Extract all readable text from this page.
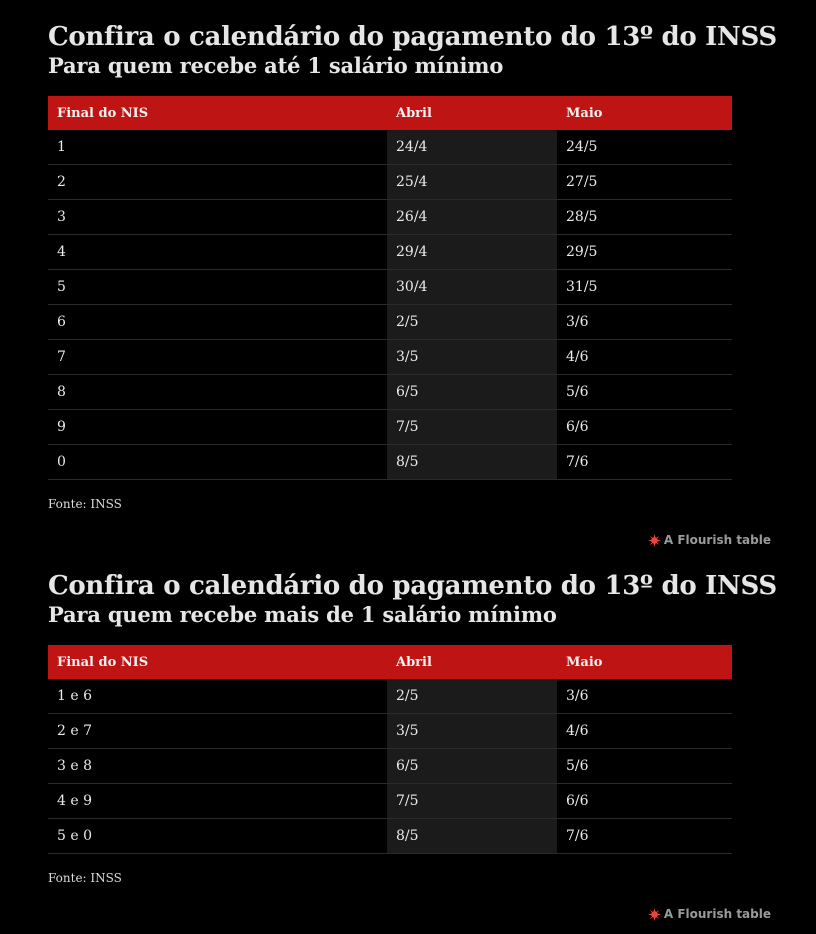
Confira o calendário do pagamento do 13º do INSS
Para quem recebe até 1 salário mínimo
Final do NIS	Abril	Maio
1	24/4	24/5
2	25/4	27/5
3	26/4	28/5
4	29/4	29/5
5	30/4	31/5
6	2/5	3/6
7	3/5	4/6
8	6/5	5/6
9	7/5	6/6
0	8/5	7/6
Fonte: INSS
A Flourish table
Confira o calendário do pagamento do 13º do INSS
Para quem recebe mais de 1 salário mínimo
Final do NIS	Abril	Maio
1 e 6	2/5	3/6
2 e 7	3/5	4/6
3 e 8	6/5	5/6
4 e 9	7/5	6/6
5 e 0	8/5	7/6
Fonte: INSS
A Flourish table
